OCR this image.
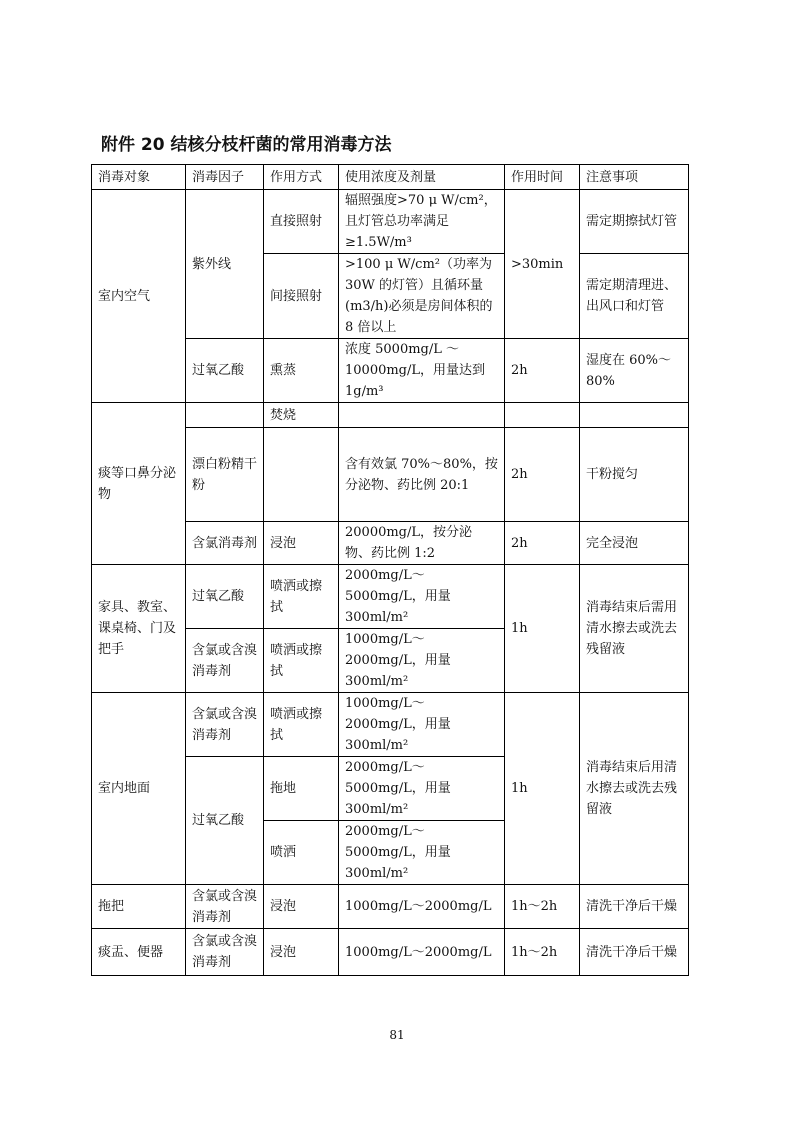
附件 20 结核分枝杆菌的常用消毒方法
消毒对象	消毒因子	作用方式	使用浓度及剂量	作用时间	注意事项
室内空气	紫外线	直接照射	辐照强度>70 μ W/cm²，且灯管总功率满足≥1.5W/m³	>30min	需定期擦拭灯管
		间接照射	>100 μ W/cm²（功率为30W 的灯管）且循环量(m3/h)必须是房间体积的 8 倍以上		需定期清理进、出风口和灯管
	过氧乙酸	熏蒸	浓度 5000mg/L ～10000mg/L，用量达到1g/m³	2h	湿度在 60%～80%
痰等口鼻分泌物		焚烧			
	漂白粉精干粉		含有效氯 70%～80%，按分泌物、药比例 20:1	2h	干粉搅匀
	含氯消毒剂	浸泡	20000mg/L，按分泌物、药比例 1:2	2h	完全浸泡
家具、教室、课桌椅、门及把手	过氧乙酸	喷洒或擦拭	2000mg/L～5000mg/L，用量 300ml/m²	1h	消毒结束后需用清水擦去或洗去残留液
	含氯或含溴消毒剂	喷洒或擦拭	1000mg/L～2000mg/L，用量 300ml/m²		
室内地面	含氯或含溴消毒剂	喷洒或擦拭	1000mg/L～2000mg/L，用量 300ml/m²	1h	消毒结束后用清水擦去或洗去残留液
	过氧乙酸	拖地	2000mg/L～5000mg/L，用量 300ml/m²		
		喷洒	2000mg/L～5000mg/L，用量 300ml/m²		
拖把	含氯或含溴消毒剂	浸泡	1000mg/L～2000mg/L	1h～2h	清洗干净后干燥
痰盂、便器	含氯或含溴消毒剂	浸泡	1000mg/L～2000mg/L	1h～2h	清洗干净后干燥
81
